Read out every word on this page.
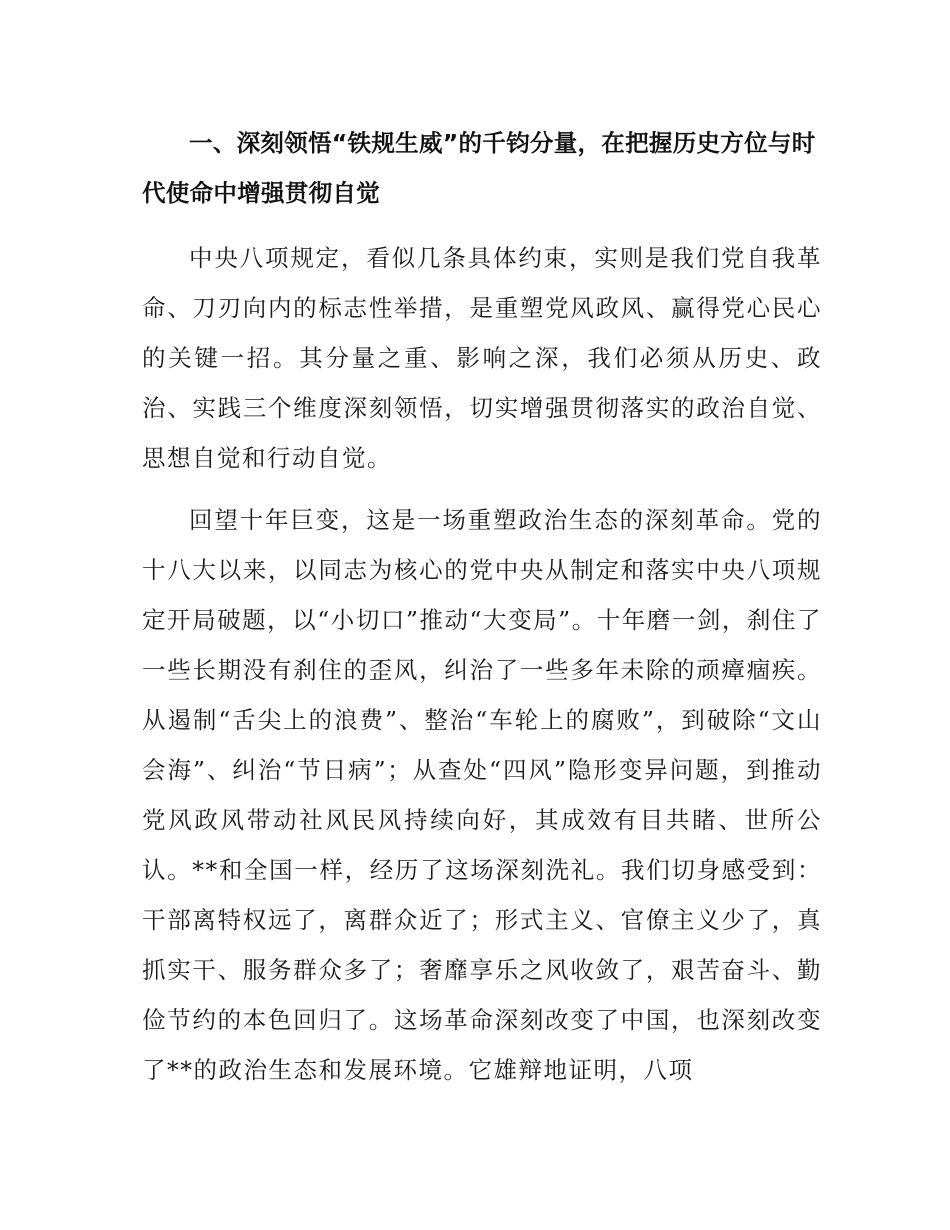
一、深刻领悟“铁规生威”的千钧分量，在把握历史方位与时代使命中增强贯彻自觉

中央八项规定，看似几条具体约束，实则是我们党自我革命、刀刃向内的标志性举措，是重塑党风政风、赢得党心民心的关键一招。其分量之重、影响之深，我们必须从历史、政治、实践三个维度深刻领悟，切实增强贯彻落实的政治自觉、思想自觉和行动自觉。

回望十年巨变，这是一场重塑政治生态的深刻革命。党的十八大以来，以同志为核心的党中央从制定和落实中央八项规定开局破题，以“小切口”推动“大变局”。十年磨一剑，刹住了一些长期没有刹住的歪风，纠治了一些多年未除的顽瘴痼疾。从遏制“舌尖上的浪费”、整治“车轮上的腐败”，到破除“文山会海”、纠治“节日病”；从查处“四风”隐形变异问题，到推动党风政风带动社风民风持续向好，其成效有目共睹、世所公认。**和全国一样，经历了这场深刻洗礼。我们切身感受到：干部离特权远了，离群众近了；形式主义、官僚主义少了，真抓实干、服务群众多了；奢靡享乐之风收敛了，艰苦奋斗、勤俭节约的本色回归了。这场革命深刻改变了中国，也深刻改变了**的政治生态和发展环境。它雄辩地证明，八项
